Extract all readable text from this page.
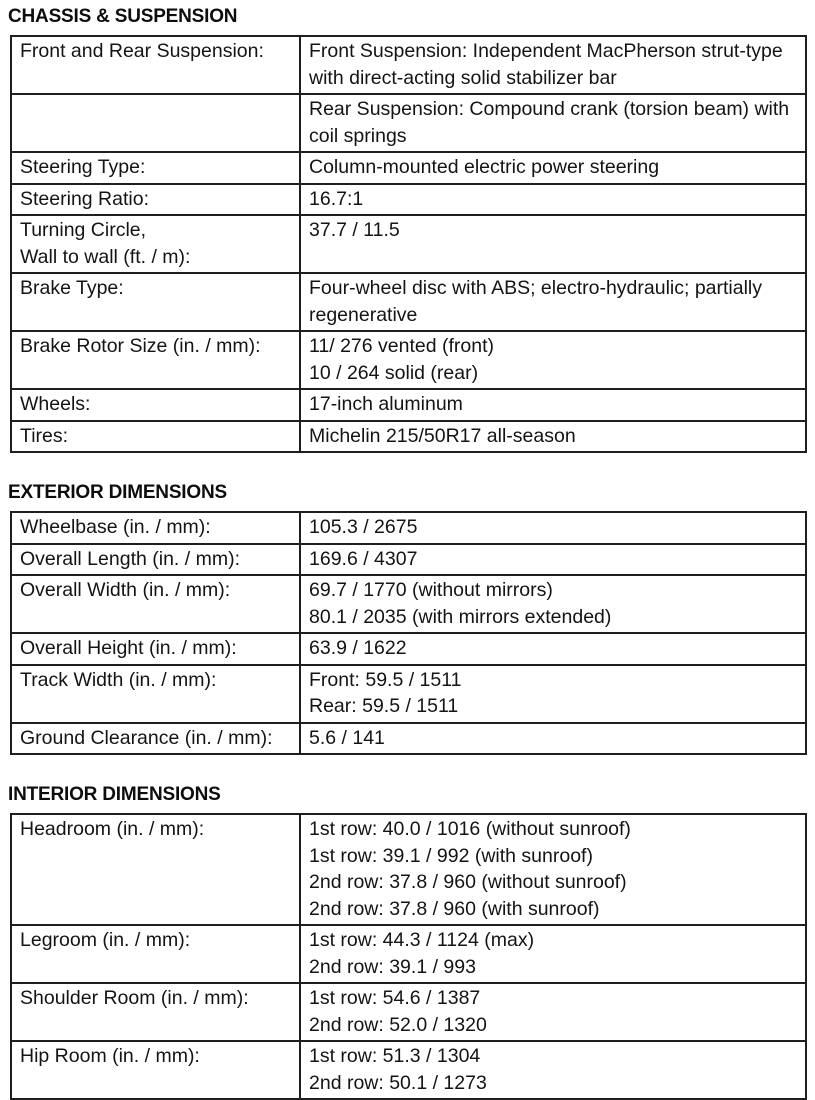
CHASSIS & SUSPENSION
Front and Rear Suspension:	Front Suspension: Independent MacPherson strut-type
with direct-acting solid stabilizer bar

	Rear Suspension: Compound crank (torsion beam) with
coil springs

Steering Type:	Column-mounted electric power steering

Steering Ratio:	16.7:1

Turning Circle,
Wall to wall (ft. / m):	37.7 / 11.5

Brake Type:	Four-wheel disc with ABS; electro-hydraulic; partially
regenerative

Brake Rotor Size (in. / mm):	11/ 276 vented (front)
10 / 264 solid (rear)

Wheels:	17-inch aluminum

Tires:	Michelin 215/50R17 all-season
EXTERIOR DIMENSIONS
Wheelbase (in. / mm):	105.3 / 2675

Overall Length (in. / mm):	169.6 / 4307

Overall Width (in. / mm):	69.7 / 1770 (without mirrors)
80.1 / 2035 (with mirrors extended)

Overall Height (in. / mm):	63.9 / 1622

Track Width (in. / mm):	Front: 59.5 / 1511
Rear: 59.5 / 1511

Ground Clearance (in. / mm):	5.6 / 141
INTERIOR DIMENSIONS
Headroom (in. / mm):	1st row: 40.0 / 1016 (without sunroof)
1st row: 39.1 / 992 (with sunroof)
2nd row: 37.8 / 960 (without sunroof)
2nd row: 37.8 / 960 (with sunroof)

Legroom (in. / mm):	1st row: 44.3 / 1124 (max)
2nd row: 39.1 / 993

Shoulder Room (in. / mm):	1st row: 54.6 / 1387
2nd row: 52.0 / 1320

Hip Room (in. / mm):	1st row: 51.3 / 1304
2nd row: 50.1 / 1273
